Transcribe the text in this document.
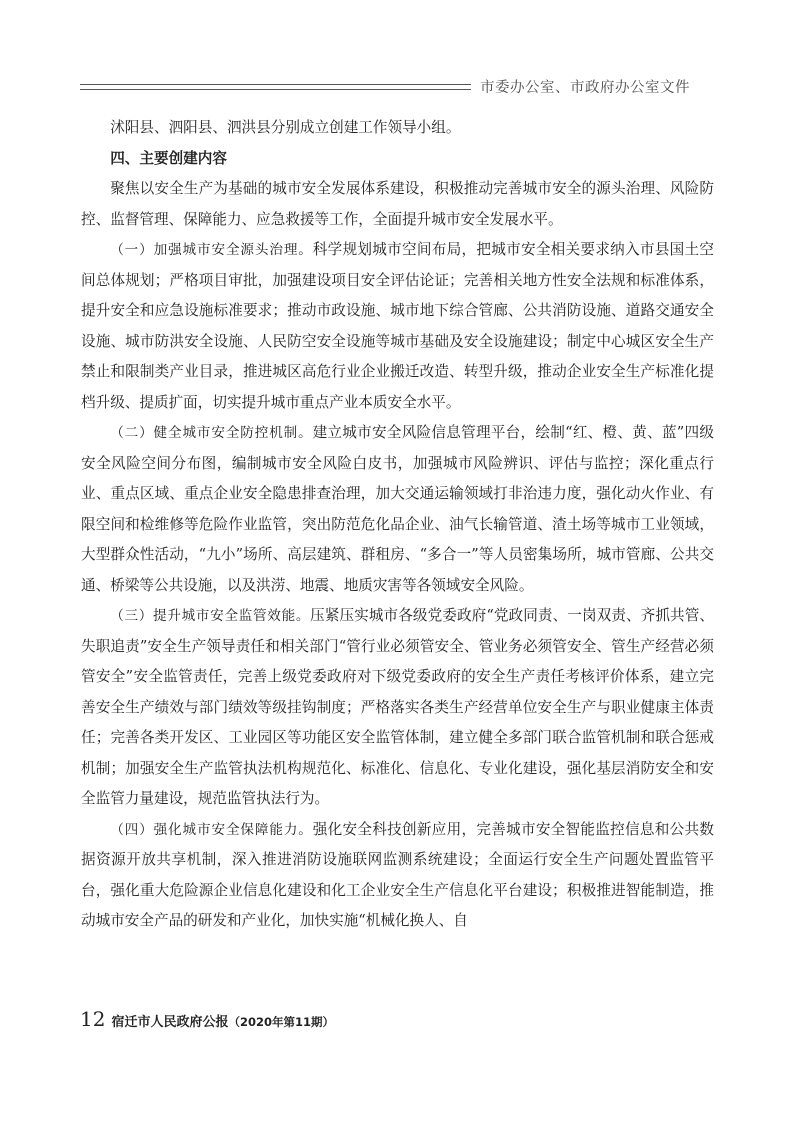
市委办公室、市政府办公室文件

沭阳县、泗阳县、泗洪县分别成立创建工作领导小组。

四、主要创建内容

聚焦以安全生产为基础的城市安全发展体系建设，积极推动完善城市安全的源头治理、风险防控、监督管理、保障能力、应急救援等工作，全面提升城市安全发展水平。

（一）加强城市安全源头治理。科学规划城市空间布局，把城市安全相关要求纳入市县国土空间总体规划；严格项目审批，加强建设项目安全评估论证；完善相关地方性安全法规和标准体系，提升安全和应急设施标准要求；推动市政设施、城市地下综合管廊、公共消防设施、道路交通安全设施、城市防洪安全设施、人民防空安全设施等城市基础及安全设施建设；制定中心城区安全生产禁止和限制类产业目录，推进城区高危行业企业搬迁改造、转型升级，推动企业安全生产标准化提档升级、提质扩面，切实提升城市重点产业本质安全水平。

（二）健全城市安全防控机制。建立城市安全风险信息管理平台，绘制“红、橙、黄、蓝”四级安全风险空间分布图，编制城市安全风险白皮书，加强城市风险辨识、评估与监控；深化重点行业、重点区域、重点企业安全隐患排查治理，加大交通运输领域打非治违力度，强化动火作业、有限空间和检维修等危险作业监管，突出防范危化品企业、油气长输管道、渣土场等城市工业领域，大型群众性活动，“九小”场所、高层建筑、群租房、“多合一”等人员密集场所，城市管廊、公共交通、桥梁等公共设施，以及洪涝、地震、地质灾害等各领域安全风险。

（三）提升城市安全监管效能。压紧压实城市各级党委政府“党政同责、一岗双责、齐抓共管、失职追责”安全生产领导责任和相关部门“管行业必须管安全、管业务必须管安全、管生产经营必须管安全”安全监管责任，完善上级党委政府对下级党委政府的安全生产责任考核评价体系，建立完善安全生产绩效与部门绩效等级挂钩制度；严格落实各类生产经营单位安全生产与职业健康主体责任；完善各类开发区、工业园区等功能区安全监管体制，建立健全多部门联合监管机制和联合惩戒机制；加强安全生产监管执法机构规范化、标准化、信息化、专业化建设，强化基层消防安全和安全监管力量建设，规范监管执法行为。

（四）强化城市安全保障能力。强化安全科技创新应用，完善城市安全智能监控信息和公共数据资源开放共享机制，深入推进消防设施联网监测系统建设；全面运行安全生产问题处置监管平台，强化重大危险源企业信息化建设和化工企业安全生产信息化平台建设；积极推进智能制造，推动城市安全产品的研发和产业化，加快实施“机械化换人、自

12 宿迁市人民政府公报（2020年第11期）
